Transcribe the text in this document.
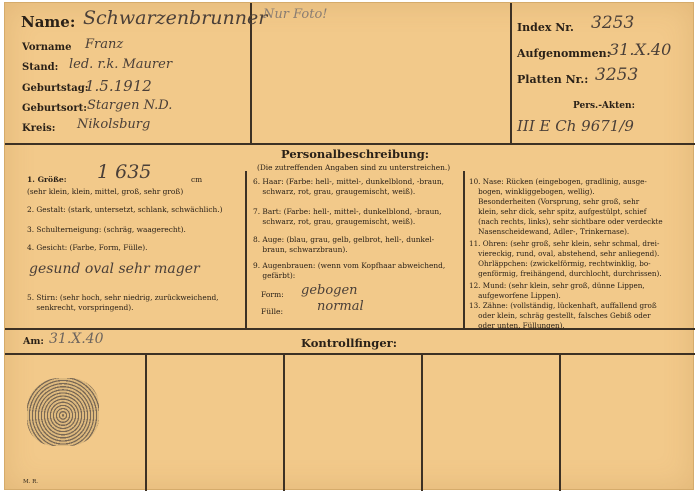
Name: Schwarzenbrunner
Nur Foto!
Vorname Franz
Stand: led. r.k. Maurer
Geburtstag:
1.5.1912
Geburtsort: Stargen N.D.
Kreis: Nikolsburg
Index Nr. 3253
Aufgenommen:
31.X.40
Platten Nr.: 3253
Pers.-Akten:
III E Ch 9671/9
Personalbeschreibung:
(Die zutreffenden Angaben sind zu unterstreichen.)
1. Größe: 1 635	cm
(sehr klein, klein, mittel, groß, sehr groß)
2. Gestalt: (stark, untersetzt, schlank, schwächlich.)
3. Schulterneigung: (schräg, waagerecht).
4. Gesicht: (Farbe, Form, Fülle).
gesund oval sehr mager
5. Stirn: (sehr hoch, sehr niedrig, zurückweichend,
senkrecht, vorspringend).
6. Haar: (Farbe: hell-, mittel-, dunkelblond, -braun,
schwarz, rot, grau, graugemischt, weiß).
7. Bart: (Farbe: hell-, mittel-, dunkelblond, -braun,
schwarz, rot, grau, graugemischt, weiß).
8. Auge: (blau, grau, gelb, gelbrot, hell-, dunkel-
braun, schwarzbraun).
9. Augenbrauen: (wenn vom Kopfhaar abweichend,
gefärbt):
Form: gebogen
Fülle:	normal
10. Nase: Rücken (eingebogen, gradlinig, ausge-
bogen, winkliggebogen, wellig).
Besonderheiten (Vorsprung, sehr groß, sehr
klein, sehr dick, sehr spitz, aufgestülpt, schief
(nach rechts, links), sehr sichtbare oder verdeckte
Nasenscheidewand, Adler-, Trinkernase).
11. Ohren: (sehr groß, sehr klein, sehr schmal, drei-
viereckig, rund, oval, abstehend, sehr anliegend).
Ohrläppchen: (zwickelförmig, rechtwinklig, bo-
genförmig, freihängend, durchlocht, durchrissen).
12. Mund: (sehr klein, sehr groß, dünne Lippen,
aufgeworfene Lippen).
13. Zähne: (vollständig, lückenhaft, auffallend groß
oder klein, schräg gestellt, falsches Gebiß oder
oder unten, Füllungen).
Am: 31.X.40	Kontrollfinger:
M. R.
